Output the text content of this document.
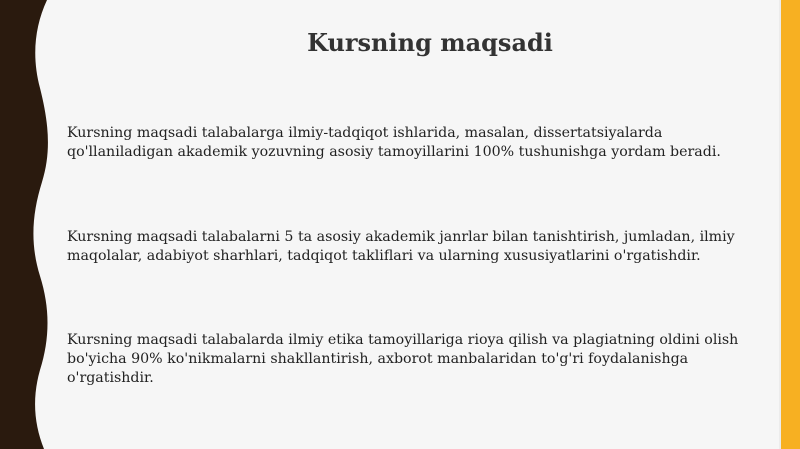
Kursning maqsadi

Kursning maqsadi talabalarga ilmiy-tadqiqot ishlarida, masalan, dissertatsiyalarda qo'llaniladigan akademik yozuvning asosiy tamoyillarini 100% tushunishga yordam beradi.

Kursning maqsadi talabalarni 5 ta asosiy akademik janrlar bilan tanishtirish, jumladan, ilmiy maqolalar, adabiyot sharhlari, tadqiqot takliflari va ularning xususiyatlarini o'rgatishdir.

Kursning maqsadi talabalarda ilmiy etika tamoyillariga rioya qilish va plagiatning oldini olish bo'yicha 90% ko'nikmalarni shakllantirish, axborot manbalaridan to'g'ri foydalanishga o'rgatishdir.
